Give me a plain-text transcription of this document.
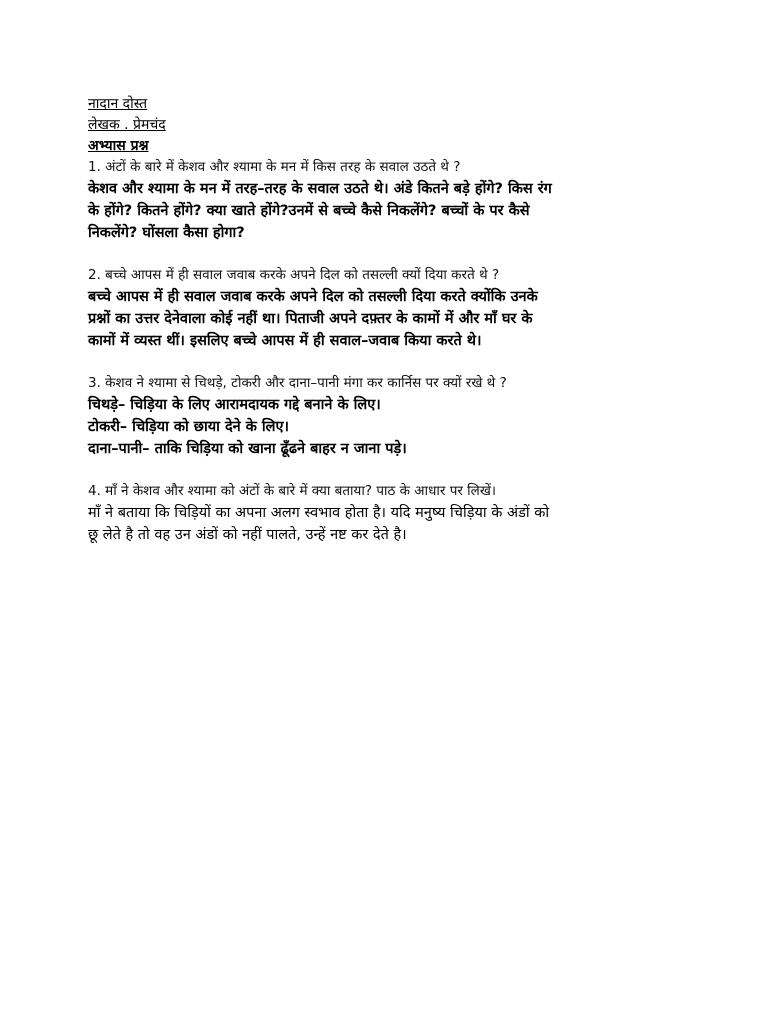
नादान दोस्त
लेखक . प्रेमचंद
अभ्यास प्रश्न
1. अंटों के बारे में केशव और श्यामा के मन में किस तरह के सवाल उठते थे ?
केशव और श्यामा के मन में तरह–तरह के सवाल उठते थे। अंडे कितने बड़े होंगे? किस रंग
के होंगे? कितने होंगे? क्या खाते होंगे?उनमें से बच्चे कैसे निकलेंगे? बच्चों के पर कैसे
निकलेंगे? घोंसला कैसा होगा?
2. बच्चे आपस में ही सवाल जवाब करके अपने दिल को तसल्ली क्यों दिया करते थे ?
बच्चे आपस में ही सवाल जवाब करके अपने दिल को तसल्ली दिया करते क्योंकि उनके
प्रश्नों का उत्तर देनेवाला कोई नहीं था। पिताजी अपने दफ़्तर के कामों में और माँ घर के
कामों में व्यस्त थीं। इसलिए बच्चे आपस में ही सवाल–जवाब किया करते थे।
3. केशव ने श्यामा से चिथड़े, टोकरी और दाना–पानी मंगा कर कार्निस पर क्यों रखे थे ?
चिथड़े– चिड़िया के लिए आरामदायक गद्दे बनाने के लिए।
टोकरी– चिड़िया को छाया देने के लिए।
दाना–पानी– ताकि चिड़िया को खाना ढूँढने बाहर न जाना पड़े।
4. माँ ने केशव और श्यामा को अंटों के बारे में क्या बताया? पाठ के आधार पर लिखें।
माँ ने बताया कि चिड़ियों का अपना अलग स्वभाव होता है। यदि मनुष्य चिड़िया के अंडों को
छू लेते है तो वह उन अंडों को नहीं पालते, उन्हें नष्ट कर देते है।
